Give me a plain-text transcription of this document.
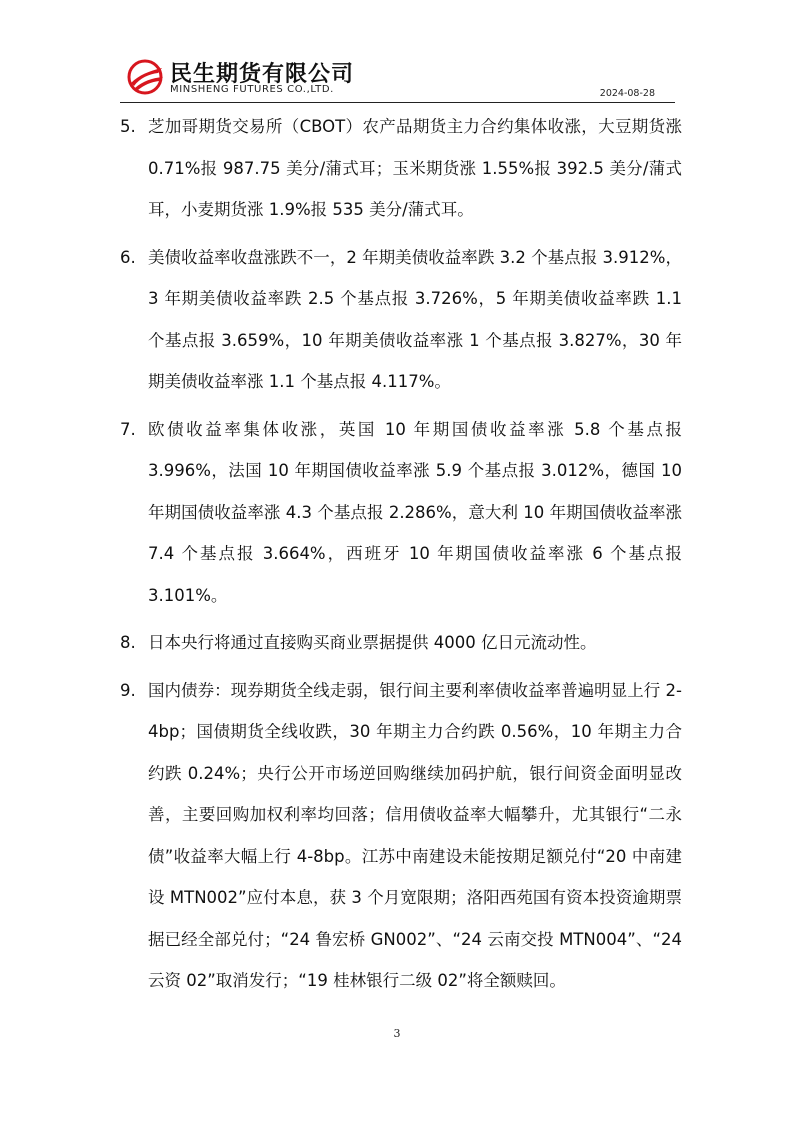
民生期货有限公司
MINSHENG FUTURES CO.,LTD.	2024-08-28
5. 芝加哥期货交易所（CBOT）农产品期货主力合约集体收涨，大豆期货涨 0.71%报 987.75 美分/蒲式耳；玉米期货涨 1.55%报 392.5 美分/蒲式耳，小麦期货涨 1.9%报 535 美分/蒲式耳。
6. 美债收益率收盘涨跌不一，2 年期美债收益率跌 3.2 个基点报 3.912%，3 年期美债收益率跌 2.5 个基点报 3.726%，5 年期美债收益率跌 1.1 个基点报 3.659%，10 年期美债收益率涨 1 个基点报 3.827%，30 年期美债收益率涨 1.1 个基点报 4.117%。
7. 欧债收益率集体收涨，英国 10 年期国债收益率涨 5.8 个基点报 3.996%，法国 10 年期国债收益率涨 5.9 个基点报 3.012%，德国 10 年期国债收益率涨 4.3 个基点报 2.286%，意大利 10 年期国债收益率涨 7.4 个基点报 3.664%，西班牙 10 年期国债收益率涨 6 个基点报 3.101%。
8. 日本央行将通过直接购买商业票据提供 4000 亿日元流动性。
9. 国内债券：现券期货全线走弱，银行间主要利率债收益率普遍明显上行 2-4bp；国债期货全线收跌，30 年期主力合约跌 0.56%，10 年期主力合约跌 0.24%；央行公开市场逆回购继续加码护航，银行间资金面明显改善，主要回购加权利率均回落；信用债收益率大幅攀升，尤其银行“二永债”收益率大幅上行 4-8bp。江苏中南建设未能按期足额兑付“20 中南建设 MTN002”应付本息，获 3 个月宽限期；洛阳西苑国有资本投资逾期票据已经全部兑付；“24 鲁宏桥 GN002”、“24 云南交投 MTN004”、“24 云资 02”取消发行；“19 桂林银行二级 02”将全额赎回。
3
